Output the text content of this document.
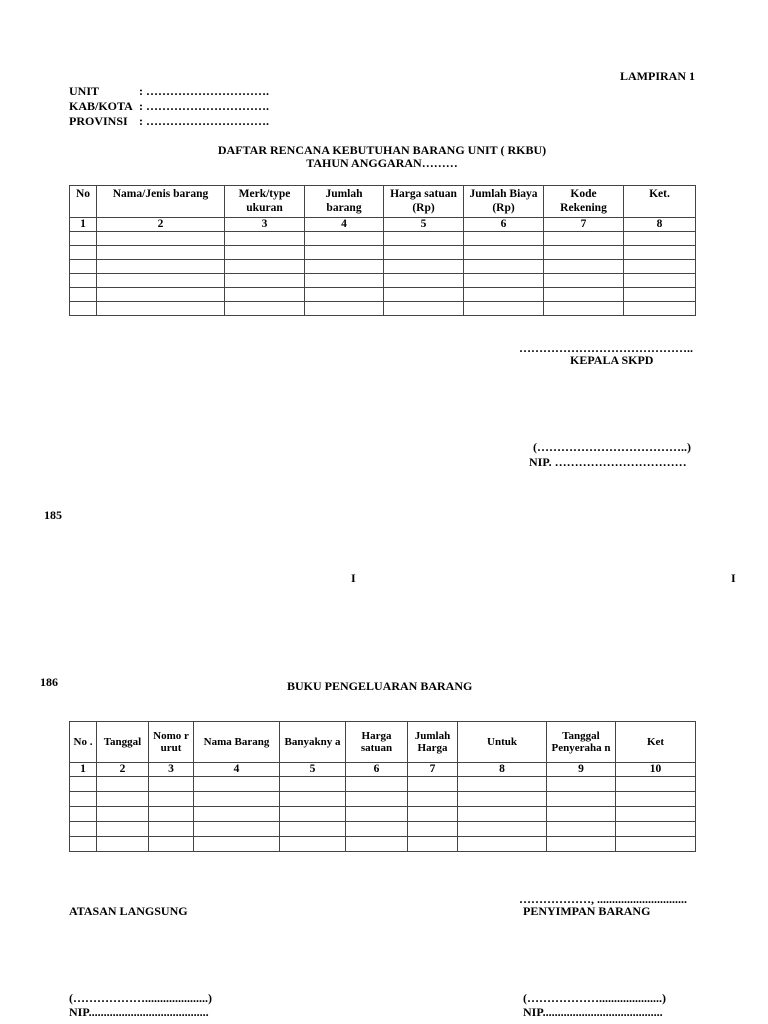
LAMPIRAN 1
UNIT	: ………………………….
KAB/KOTA : ………………………….
PROVINSI : ………………………….
DAFTAR RENCANA KEBUTUHAN BARANG UNIT ( RKBU)
TAHUN ANGGARAN………
No	Nama/Jenis barang	Merk/type ukuran	Jumlah barang	Harga satuan (Rp)	Jumlah Biaya (Rp)	Kode Rekening	Ket.
1	2	3	4	5	6	7	8

……………………………………..
KEPALA SKPD
(………………………………..)
NIP. ……………………………
185
I	I
186	BUKU PENGELUARAN BARANG
No .	Tanggal	Nomo r urut	Nama Barang	Banyakny a	Harga satuan	Jumlah Harga	Untuk	Tanggal Penyeraha n	Ket
1	2	3	4	5	6	7	8	9	10

………………, ..............................
ATASAN LANGSUNG	PENYIMPAN BARANG
(……………….....................)	(……………….....................)
NIP........................................	NIP........................................
